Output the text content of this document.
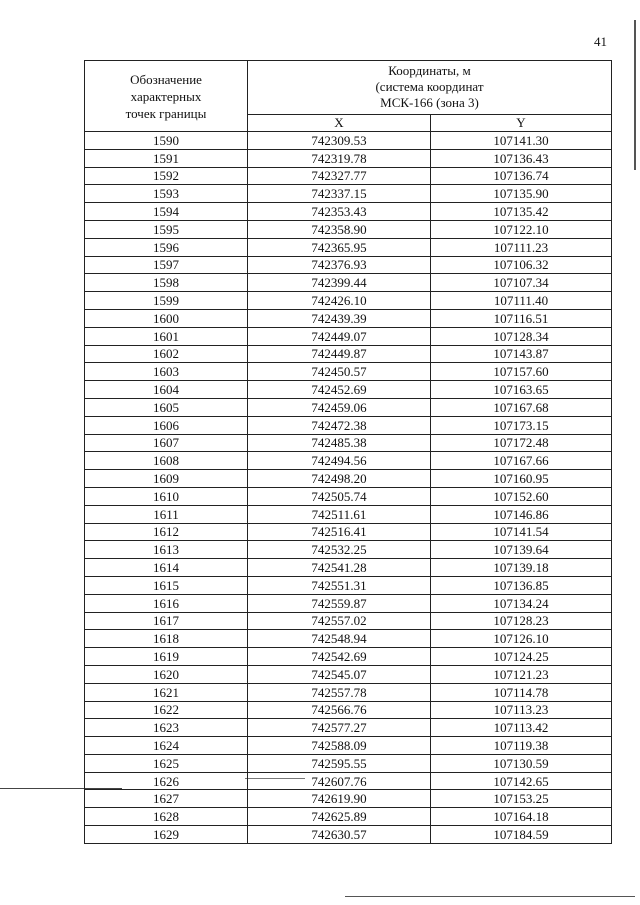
41
Обозначение
характерных
точек границы	Координаты, м
(система координат
МСК-166 (зона 3)	
	X	Y
1590	742309.53	107141.30
1591	742319.78	107136.43
1592	742327.77	107136.74
1593	742337.15	107135.90
1594	742353.43	107135.42
1595	742358.90	107122.10
1596	742365.95	107111.23
1597	742376.93	107106.32
1598	742399.44	107107.34
1599	742426.10	107111.40
1600	742439.39	107116.51
1601	742449.07	107128.34
1602	742449.87	107143.87
1603	742450.57	107157.60
1604	742452.69	107163.65
1605	742459.06	107167.68
1606	742472.38	107173.15
1607	742485.38	107172.48
1608	742494.56	107167.66
1609	742498.20	107160.95
1610	742505.74	107152.60
1611	742511.61	107146.86
1612	742516.41	107141.54
1613	742532.25	107139.64
1614	742541.28	107139.18
1615	742551.31	107136.85
1616	742559.87	107134.24
1617	742557.02	107128.23
1618	742548.94	107126.10
1619	742542.69	107124.25
1620	742545.07	107121.23
1621	742557.78	107114.78
1622	742566.76	107113.23
1623	742577.27	107113.42
1624	742588.09	107119.38
1625	742595.55	107130.59
1626	742607.76	107142.65
1627	742619.90	107153.25
1628	742625.89	107164.18
1629	742630.57	107184.59
